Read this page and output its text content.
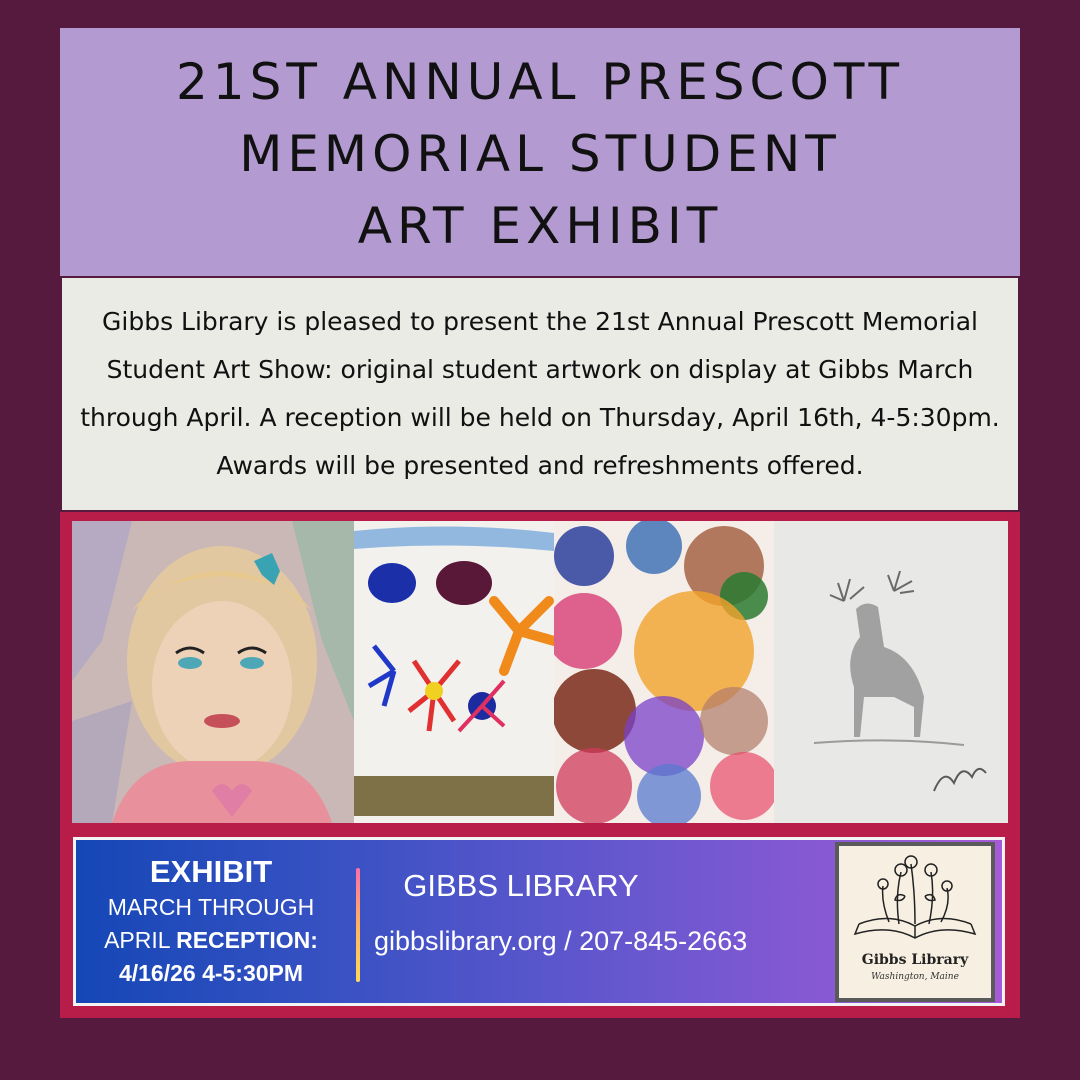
21ST ANNUAL PRESCOTT
MEMORIAL STUDENT
ART EXHIBIT

Gibbs Library is pleased to present the 21st Annual Prescott Memorial Student Art Show: original student artwork on display at Gibbs March through April. A reception will be held on Thursday, April 16th, 4-5:30pm. Awards will be presented and refreshments offered.

EXHIBIT
MARCH THROUGH
APRIL RECEPTION:
4/16/26 4-5:30PM
GIBBS LIBRARY
gibbslibrary.org / 207-845-2663
Gibbs Library
Washington, Maine
